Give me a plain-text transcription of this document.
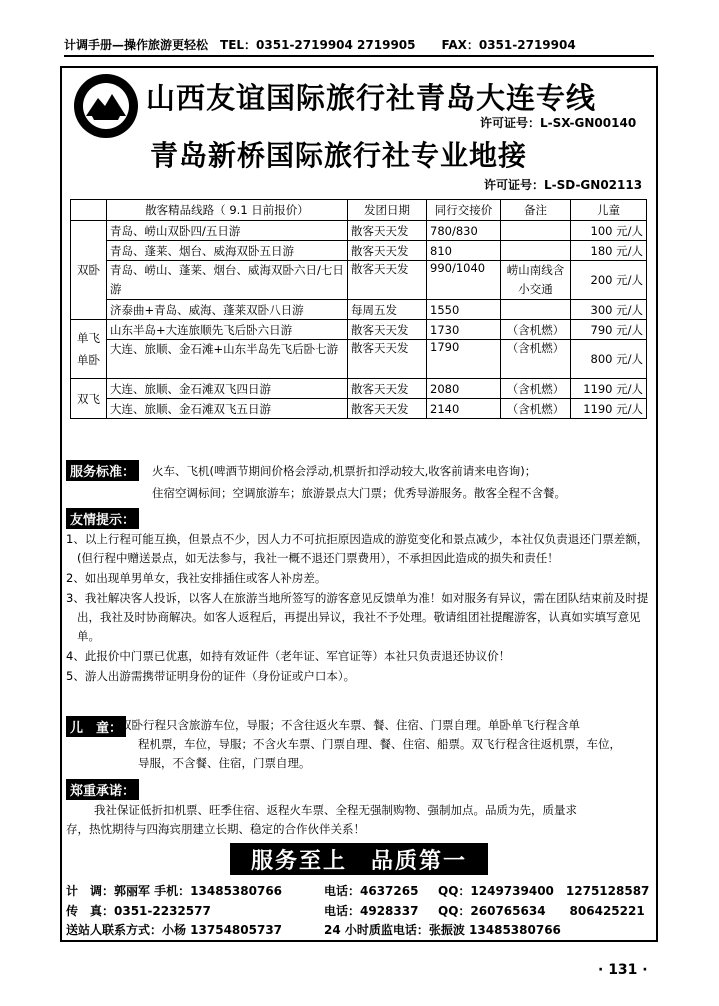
计调手册—操作旅游更轻松 TEL：0351-2719904 2719905 FAX：0351-2719904
山西友谊国际旅行社青岛大连专线
许可证号：L-SX-GN00140
青岛新桥国际旅行社专业地接
许可证号：L-SD-GN02113
	散客精品线路（ 9.1 日前报价）	发团日期	同行交接价	备注	儿童
双卧	青岛、崂山双卧四/五日游	散客天天发	780/830		100 元/人
	青岛、蓬莱、烟台、威海双卧五日游	散客天天发	810		180 元/人
	青岛、崂山、蓬莱、烟台、威海双卧六日/七日游	散客天天发	990/1040	崂山南线含小交通	200 元/人
	济泰曲+青岛、威海、蓬莱双卧八日游	每周五发	1550		300 元/人
单飞单卧	山东半岛+大连旅顺先飞后卧六日游	散客天天发	1730	（含机燃）	790 元/人
	大连、旅顺、金石滩+山东半岛先飞后卧七游	散客天天发	1790	（含机燃）	800 元/人
双飞	大连、旅顺、金石滩双飞四日游	散客天天发	2080	（含机燃）	1190 元/人
	大连、旅顺、金石滩双飞五日游	散客天天发	2140	（含机燃）	1190 元/人
服务标准：	火车、飞机(啤酒节期间价格会浮动,机票折扣浮动较大,收客前请来电咨询)；
住宿空调标间；空调旅游车；旅游景点大门票；优秀导游服务。散客全程不含餐。
友情提示：

1、以上行程可能互换，但景点不少，因人力不可抗拒原因造成的游览变化和景点减少，本社仅负责退还门票差额，(但行程中赠送景点，如无法参与，我社一概不退还门票费用），不承担因此造成的损失和责任！

2、如出现单男单女，我社安排插住或客人补房差。

3、我社解决客人投诉，以客人在旅游当地所签写的游客意见反馈单为准！如对服务有异议，需在团队结束前及时提出，我社及时协商解决。如客人返程后，再提出异议，我社不予处理。敬请组团社提醒游客，认真如实填写意见单。

4、此报价中门票已优惠，如持有效证件（老年证、军官证等）本社只负责退还协议价！

5、游人出游需携带证明身份的证件（身份证或户口本）。

儿　童：
双卧行程只含旅游车位，导服；不含往返火车票、餐、住宿、门票自理。单卧单飞行程含单
程机票，车位，导服；不含火车票、门票自理、餐、住宿、船票。双飞行程含往返机票，车位，
导服，不含餐、住宿，门票自理。
郑重承诺：
我社保证低折扣机票、旺季住宿、返程火车票、全程无强制购物、强制加点。品质为先，质量求
存，热忱期待与四海宾朋建立长期、稳定的合作伙伴关系！
服务至上　品质第一
计　调：郭丽军 手机：13485380766	电话：4637265 QQ：1249739400　1275128587
传　真：0351-2232577	电话：4928337 QQ：260765634　　806425221
送站人联系方式：小杨 13754805737	24 小时质监电话：张振波 13485380766
· 131 ·
